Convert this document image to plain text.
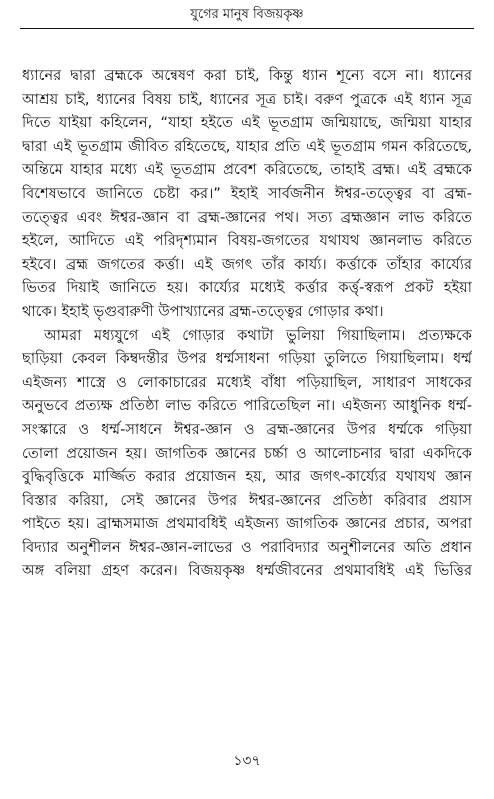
যুগের মানুষ বিজয়কৃষ্ণ
ধ্যানের দ্বারা ব্রহ্মকে অন্বেষণ করা চাই, কিন্তু ধ্যান শূন্যে বসে না। ধ্যানের
আশ্রয় চাই, ধ্যানের বিষয় চাই, ধ্যানের সূত্র চাই। বরুণ পুত্রকে এই ধ্যান সূত্র
দিতে যাইয়া কহিলেন, “যাহা হইতে এই ভূতগ্রাম জন্মিয়াছে, জন্মিয়া যাহার
দ্বারা এই ভূতগ্রাম জীবিত রহিতেছে, যাহার প্রতি এই ভূতগ্রাম গমন করিতেছে,
অন্তিমে যাহার মধ্যে এই ভূতগ্রাম প্রবেশ করিতেছে, তাহাই ব্রহ্ম। এই ব্রহ্মকে
বিশেষভাবে জানিতে চেষ্টা কর।” ইহাই সার্বজনীন ঈশ্বর-তত্ত্বের বা ব্রহ্ম-
তত্ত্বের এবং ঈশ্বর-জ্ঞান বা ব্রহ্ম-জ্ঞানের পথ। সত্য ব্রহ্মজ্ঞান লাভ করিতে
হইলে, আদিতে এই পরিদৃশ্যমান বিষয়-জগতের যথাযথ জ্ঞানলাভ করিতে
হইবে। ব্রহ্ম জগতের কর্ত্তা। এই জগৎ তাঁর কার্য্য। কর্ত্তাকে তাঁহার কার্য্যের
ভিতর দিয়াই জানিতে হয়। কার্য্যের মধ্যেই কর্ত্তার কর্ত্তৃ-স্বরূপ প্রকট হইয়া
থাকে। ইহাই ভৃগুবারুণী উপাখ্যানের ব্রহ্ম-তত্ত্বের গোড়ার কথা।
আমরা মধ্যযুগে এই গোড়ার কথাটা ভুলিয়া গিয়াছিলাম। প্রত্যক্ষকে
ছাড়িয়া কেবল কিম্বদন্তীর উপর ধর্ম্মসাধনা গড়িয়া তুলিতে গিয়াছিলাম। ধর্ম্ম
এইজন্য শাস্ত্রে ও লোকাচারের মধ্যেই বাঁধা পড়িয়াছিল, সাধারণ সাধকের
অনুভবে প্রত্যক্ষ প্রতিষ্ঠা লাভ করিতে পারিতেছিল না। এইজন্য আধুনিক ধর্ম্ম-
সংস্কারে ও ধর্ম্ম-সাধনে ঈশ্বর-জ্ঞান ও ব্রহ্ম-জ্ঞানের উপর ধর্ম্মকে গড়িয়া
তোলা প্রয়োজন হয়। জাগতিক জ্ঞানের চর্চ্চা ও আলোচনার দ্বারা একদিকে
বুদ্ধিবৃত্তিকে মার্জ্জিত করার প্রয়োজন হয়, আর জগৎ-কার্য্যের যথাযথ জ্ঞান
বিস্তার করিয়া, সেই জ্ঞানের উপর ঈশ্বর-জ্ঞানের প্রতিষ্ঠা করিবার প্রয়াস
পাইতে হয়। ব্রাহ্মসমাজ প্রথমাবধিই এইজন্য জাগতিক জ্ঞানের প্রচার, অপরা
বিদ্যার অনুশীলন ঈশ্বর-জ্ঞান-লাভের ও পরাবিদ্যার অনুশীলনের অতি প্রধান
অঙ্গ বলিয়া গ্রহণ করেন। বিজয়কৃষ্ণ ধর্ম্মজীবনের প্রথমাবধিই এই ভিত্তির
১৩৭
